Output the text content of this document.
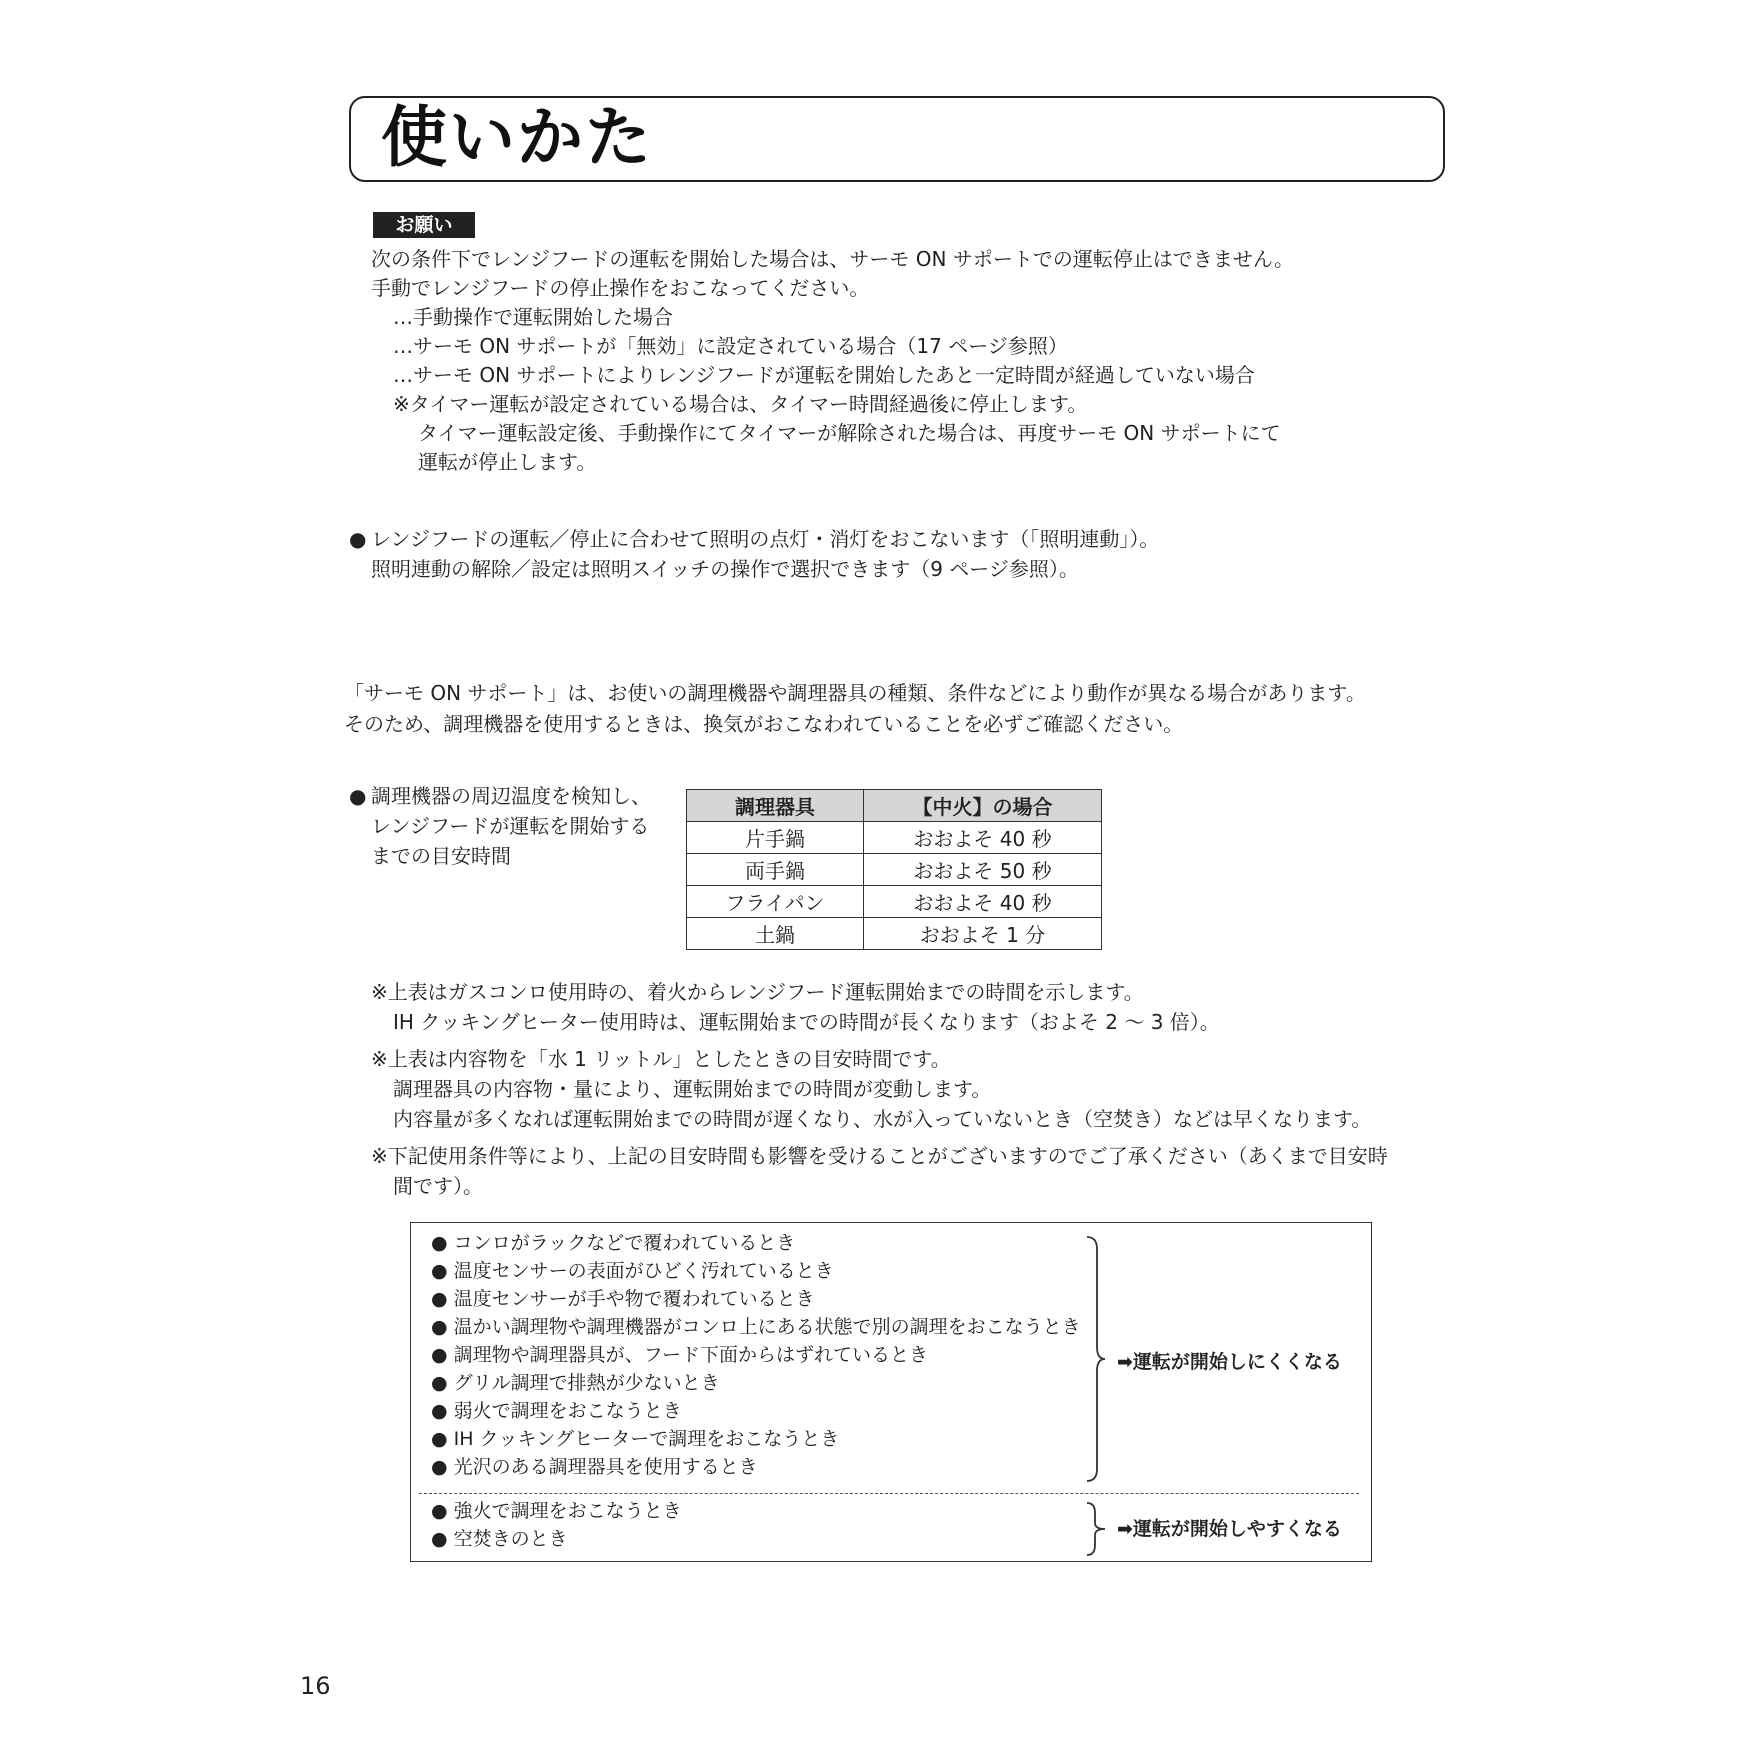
使いかた
お願い
次の条件下でレンジフードの運転を開始した場合は、サーモ ON サポートでの運転停止はできません。
手動でレンジフードの停止操作をおこなってください。
…手動操作で運転開始した場合
…サーモ ON サポートが「無効」に設定されている場合（17 ページ参照）
…サーモ ON サポートによりレンジフードが運転を開始したあと一定時間が経過していない場合
※タイマー運転が設定されている場合は、タイマー時間経過後に停止します。
タイマー運転設定後、手動操作にてタイマーが解除された場合は、再度サーモ ON サポートにて
運転が停止します。
● レンジフードの運転／停止に合わせて照明の点灯・消灯をおこないます（「照明連動」）。
照明連動の解除／設定は照明スイッチの操作で選択できます（9 ページ参照）。
「サーモ ON サポート」は、お使いの調理機器や調理器具の種類、条件などにより動作が異なる場合があります。
そのため、調理機器を使用するときは、換気がおこなわれていることを必ずご確認ください。
● 調理機器の周辺温度を検知し、
レンジフードが運転を開始する
までの目安時間
調理器具	【中火】の場合
片手鍋	おおよそ 40 秒
両手鍋	おおよそ 50 秒
フライパン	おおよそ 40 秒
土鍋	おおよそ 1 分
※上表はガスコンロ使用時の、着火からレンジフード運転開始までの時間を示します。
IH クッキングヒーター使用時は、運転開始までの時間が長くなります（およそ 2 ～ 3 倍）。
※上表は内容物を「水 1 リットル」としたときの目安時間です。
調理器具の内容物・量により、運転開始までの時間が変動します。
内容量が多くなれば運転開始までの時間が遅くなり、水が入っていないとき（空焚き）などは早くなります。
※下記使用条件等により、上記の目安時間も影響を受けることがございますのでご了承ください（あくまで目安時
間です）。
● コンロがラックなどで覆われているとき
● 温度センサーの表面がひどく汚れているとき
● 温度センサーが手や物で覆われているとき
● 温かい調理物や調理機器がコンロ上にある状態で別の調理をおこなうとき
● 調理物や調理器具が、フード下面からはずれているとき
● グリル調理で排熱が少ないとき
● 弱火で調理をおこなうとき
● IH クッキングヒーターで調理をおこなうとき
● 光沢のある調理器具を使用するとき
➡運転が開始しにくくなる
● 強火で調理をおこなうとき
● 空焚きのとき	➡運転が開始しやすくなる
16
